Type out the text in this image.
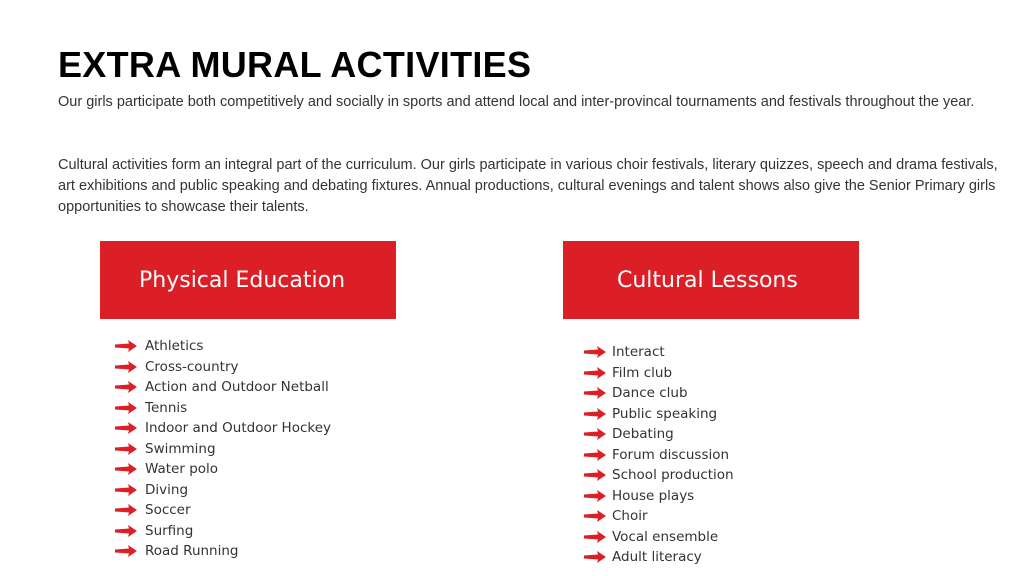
EXTRA MURAL ACTIVITIES

Our girls participate both competitively and socially in sports and attend local and inter-provincal tournaments and festivals throughout the year.

Cultural activities form an integral part of the curriculum. Our girls participate in various choir festivals, literary quizzes, speech and drama festivals, art exhibitions and public speaking and debating fixtures. Annual productions, cultural evenings and talent shows also give the Senior Primary girls opportunities to showcase their talents.

Physical Education	Cultural Lessons
Athletics
Cross-country
Action and Outdoor Netball
Tennis
Indoor and Outdoor Hockey
Swimming
Water polo
Diving
Soccer
Surfing
Road Running
Interact
Film club
Dance club
Public speaking
Debating
Forum discussion
School production
House plays
Choir
Vocal ensemble
Adult literacy
